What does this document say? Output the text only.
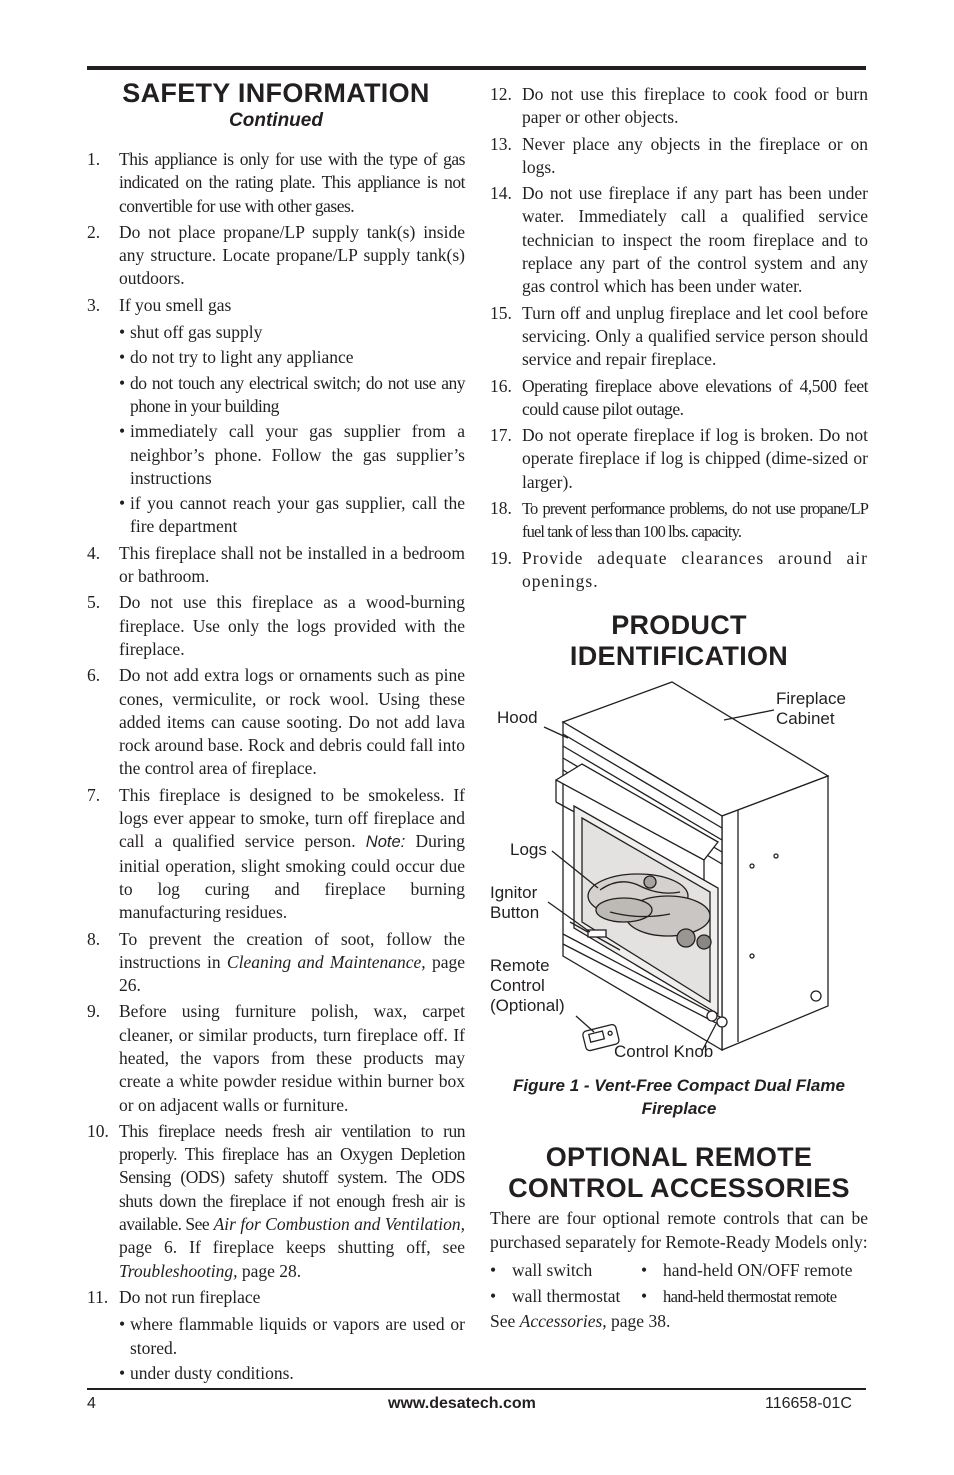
SAFETY INFORMATION
Continued
1. This appliance is only for use with the type of gas indicated on the rating plate. This appliance is not convertible for use with other gases.
2. Do not place propane/LP supply tank(s) inside any structure. Locate propane/LP supply tank(s) outdoors.
3. If you smell gas
• shut off gas supply
• do not try to light any appliance
• do not touch any electrical switch; do not use any phone in your building
• immediately call your gas supplier from a neighbor’s phone. Follow the gas supplier’s instructions
• if you cannot reach your gas supplier, call the fire department
4. This fireplace shall not be installed in a bedroom or bathroom.
5. Do not use this fireplace as a wood-burning fireplace. Use only the logs provided with the fireplace.
6. Do not add extra logs or ornaments such as pine cones, vermiculite, or rock wool. Using these added items can cause sooting. Do not add lava rock around base. Rock and debris could fall into the control area of fireplace.
7. This fireplace is designed to be smokeless. If logs ever appear to smoke, turn off fireplace and call a qualified service person. Note: During initial operation, slight smoking could occur due to log curing and fireplace burning manufacturing residues.
8. To prevent the creation of soot, follow the instructions in Cleaning and Maintenance, page 26.
9. Before using furniture polish, wax, carpet cleaner, or similar products, turn fireplace off. If heated, the vapors from these products may create a white powder residue within burner box or on adjacent walls or furniture.
10. This fireplace needs fresh air ventilation to run properly. This fireplace has an Oxygen Depletion Sensing (ODS) safety shutoff system. The ODS shuts down the fireplace if not enough fresh air is available. See Air for Combustion and Ventilation, page 6. If fireplace keeps shutting off, see Troubleshooting, page 28.
11. Do not run fireplace
• where flammable liquids or vapors are used or stored.
• under dusty conditions.
12. Do not use this fireplace to cook food or burn paper or other objects.
13. Never place any objects in the fireplace or on logs.
14. Do not use fireplace if any part has been under water. Immediately call a qualified service technician to inspect the room fireplace and to replace any part of the control system and any gas control which has been under water.
15. Turn off and unplug fireplace and let cool before servicing. Only a qualified service person should service and repair fireplace.
16. Operating fireplace above elevations of 4,500 feet could cause pilot outage.
17. Do not operate fireplace if log is broken. Do not operate fireplace if log is chipped (dime-sized or larger).
18. To prevent performance problems, do not use propane/LP fuel tank of less than 100 lbs. capacity.
19. Provide adequate clearances around air openings.
PRODUCT
IDENTIFICATION
Hood
Fireplace
Cabinet
Logs
Ignitor
Button
Remote
Control
(Optional)
Control Knob
Figure 1 - Vent-Free Compact Dual Flame
Fireplace
OPTIONAL REMOTE
CONTROL ACCESSORIES
There are four optional remote controls that can be purchased separately for Remote-Ready Models only:
• wall switch	• hand-held ON/OFF remote
• wall thermostat	• hand-held thermostat remote
See Accessories, page 38.
4	www.desatech.com	116658-01C
